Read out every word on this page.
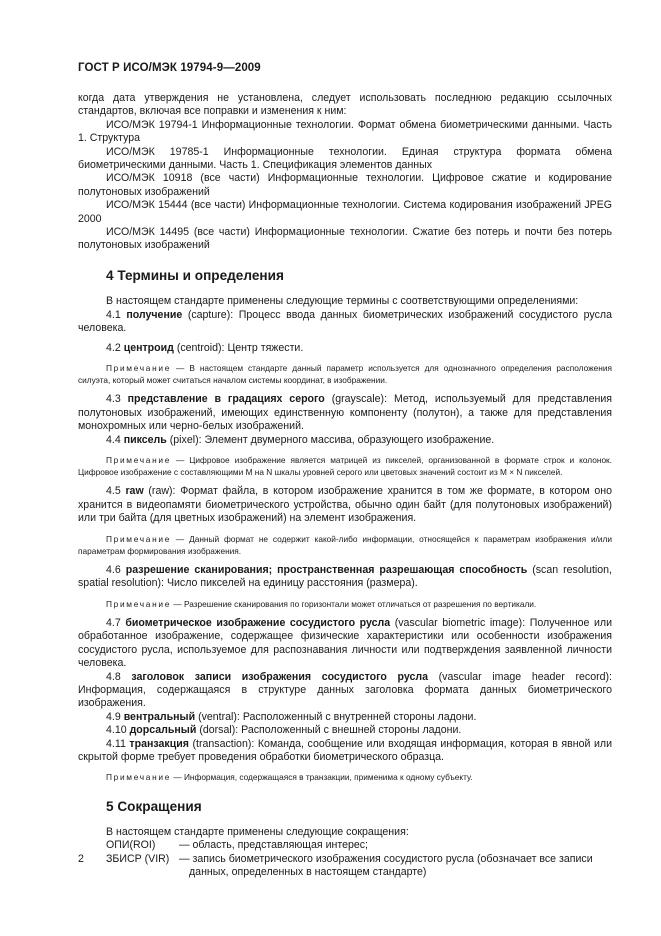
ГОСТ Р ИСО/МЭК 19794-9—2009

когда дата утверждения не установлена, следует использовать последнюю редакцию ссылочных стандартов, включая все поправки и изменения к ним:

ИСО/МЭК 19794-1 Информационные технологии. Формат обмена биометрическими данными. Часть 1. Структура

ИСО/МЭК 19785-1 Информационные технологии. Единая структура формата обмена биометрическими данными. Часть 1. Спецификация элементов данных

ИСО/МЭК 10918 (все части) Информационные технологии. Цифровое сжатие и кодирование полутоновых изображений

ИСО/МЭК 15444 (все части) Информационные технологии. Система кодирования изображений JPEG 2000

ИСО/МЭК 14495 (все части) Информационные технологии. Сжатие без потерь и почти без потерь полутоновых изображений

4 Термины и определения

В настоящем стандарте применены следующие термины с соответствующими определениями:

4.1 получение (capture): Процесс ввода данных биометрических изображений сосудистого русла человека.

4.2 центроид (centroid): Центр тяжести.

Примечание — В настоящем стандарте данный параметр используется для однозначного определения расположения силуэта, который может считаться началом системы координат, в изображении.

4.3 представление в градациях серого (grayscale): Метод, используемый для представления полутоновых изображений, имеющих единственную компоненту (полутон), а также для представления монохромных или черно-белых изображений.

4.4 пиксель (pixel): Элемент двумерного массива, образующего изображение.

Примечание — Цифровое изображение является матрицей из пикселей, организованной в формате строк и колонок. Цифровое изображение с составляющими М на N шкалы уровней серого или цветовых значений состоит из М × N пикселей.

4.5 raw (raw): Формат файла, в котором изображение хранится в том же формате, в котором оно хранится в видеопамяти биометрического устройства, обычно один байт (для полутоновых изображений) или три байта (для цветных изображений) на элемент изображения.

Примечание — Данный формат не содержит какой-либо информации, относящейся к параметрам изображения и/или параметрам формирования изображения.

4.6 разрешение сканирования; пространственная разрешающая способность (scan resolution, spatial resolution): Число пикселей на единицу расстояния (размера).

Примечание — Разрешение сканирования по горизонтали может отличаться от разрешения по вертикали.

4.7 биометрическое изображение сосудистого русла (vascular biometric image): Полученное или обработанное изображение, содержащее физические характеристики или особенности изображения сосудистого русла, используемое для распознавания личности или подтверждения заявленной личности человека.

4.8 заголовок записи изображения сосудистого русла (vascular image header record): Информация, содержащаяся в структуре данных заголовка формата данных биометрического изображения.

4.9 вентральный (ventral): Расположенный с внутренней стороны ладони.

4.10 дорсальный (dorsal): Расположенный с внешней стороны ладони.

4.11 транзакция (transaction): Команда, сообщение или входящая информация, которая в явной или скрытой форме требует проведения обработки биометрического образца.

Примечание — Информация, содержащаяся в транзакции, применима к одному субъекту.

5 Сокращения

В настоящем стандарте применены следующие сокращения:

ОПИ(ROI)	— область, представляющая интерес;
ЗБИСР (VIR) — запись биометрического изображения сосудистого русла (обозначает все записи данных, определенных в настоящем стандарте)
2
